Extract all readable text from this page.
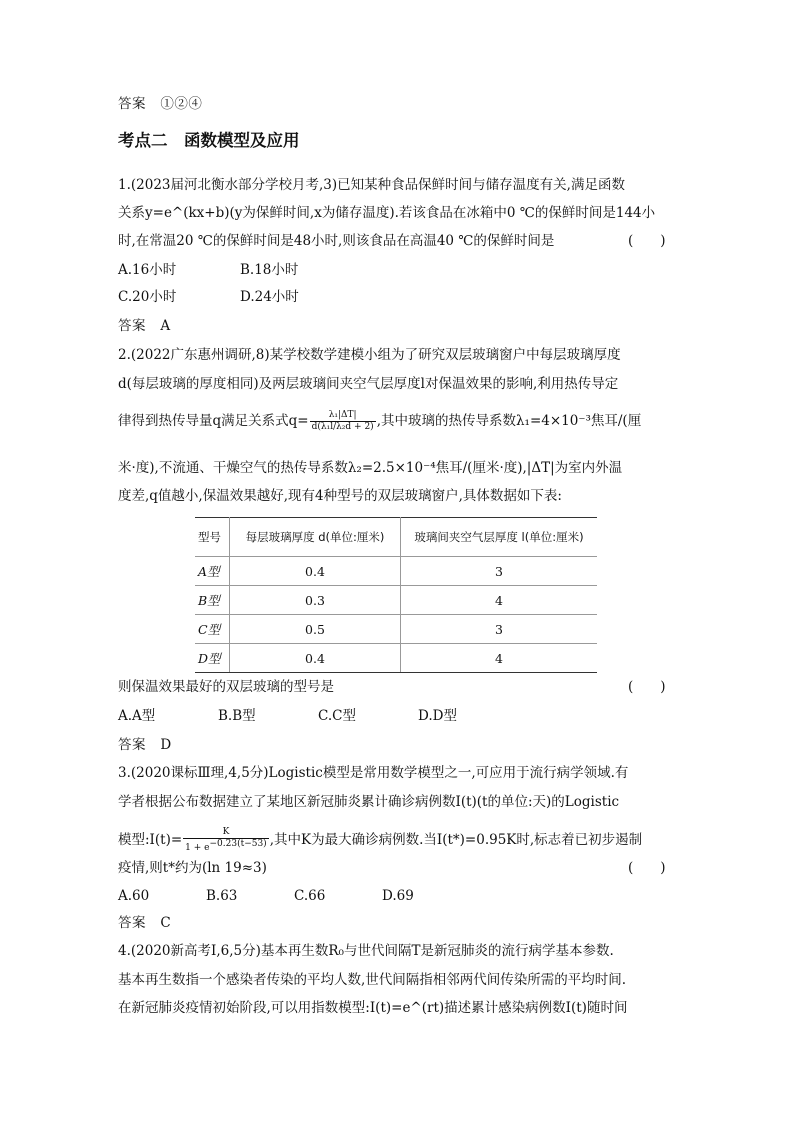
答案 ①②④
考点二　函数模型及应用
1.(2023届河北衡水部分学校月考,3)已知某种食品保鲜时间与储存温度有关,满足函数
关系y=e^(kx+b)(y为保鲜时间,x为储存温度).若该食品在冰箱中0 ℃的保鲜时间是144小
时,在常温20 ℃的保鲜时间是48小时,则该食品在高温40 ℃的保鲜时间是	(　　)
A.16小时	B.18小时
C.20小时	D.24小时
答案 A
2.(2022广东惠州调研,8)某学校数学建模小组为了研究双层玻璃窗户中每层玻璃厚度
d(每层玻璃的厚度相同)及两层玻璃间夹空气层厚度l对保温效果的影响,利用热传导定
律得到热传导量q满足关系式$q= \frac{\text{λ₁|ΔT|}}{\text{d(λ₁l/λ₂d + 2)}}$ ,其中玻璃的热传导系数λ₁=4×10⁻³焦耳/(厘
米·度),不流通、干燥空气的热传导系数λ₂=2.5×10⁻⁴焦耳/(厘米·度),|ΔT|为室内外温
度差,q值越小,保温效果越好,现有4种型号的双层玻璃窗户,具体数据如下表:
型号	每层玻璃厚度 d(单位:厘米)	玻璃间夹空气层厚度 l(单位:厘米)
A型	0.4	3
B型	0.3	4
C型	0.5	3
D型	0.4	4
则保温效果最好的双层玻璃的型号是	(　　)
A.A型	B.B型	C.C型	D.D型
答案 D
3.(2020课标Ⅲ理,4,5分)Logistic模型是常用数学模型之一,可应用于流行病学领域.有
学者根据公布数据建立了某地区新冠肺炎累计确诊病例数I(t)(t的单位:天)的Logistic
模型:I(t)= $\frac{K}{1 + e^{-0.23(t-53)}}$ ,其中K为最大确诊病例数.当I(t*)=0.95K时,标志着已初步遏制
疫情,则t*约为(ln 19≈3)	(　　)
A.60	B.63	C.66	D.69
答案 C
4.(2020新高考Ⅰ,6,5分)基本再生数R₀与世代间隔T是新冠肺炎的流行病学基本参数.
基本再生数指一个感染者传染的平均人数,世代间隔指相邻两代间传染所需的平均时间.
在新冠肺炎疫情初始阶段,可以用指数模型:I(t)=e^(rt)描述累计感染病例数I(t)随时间
